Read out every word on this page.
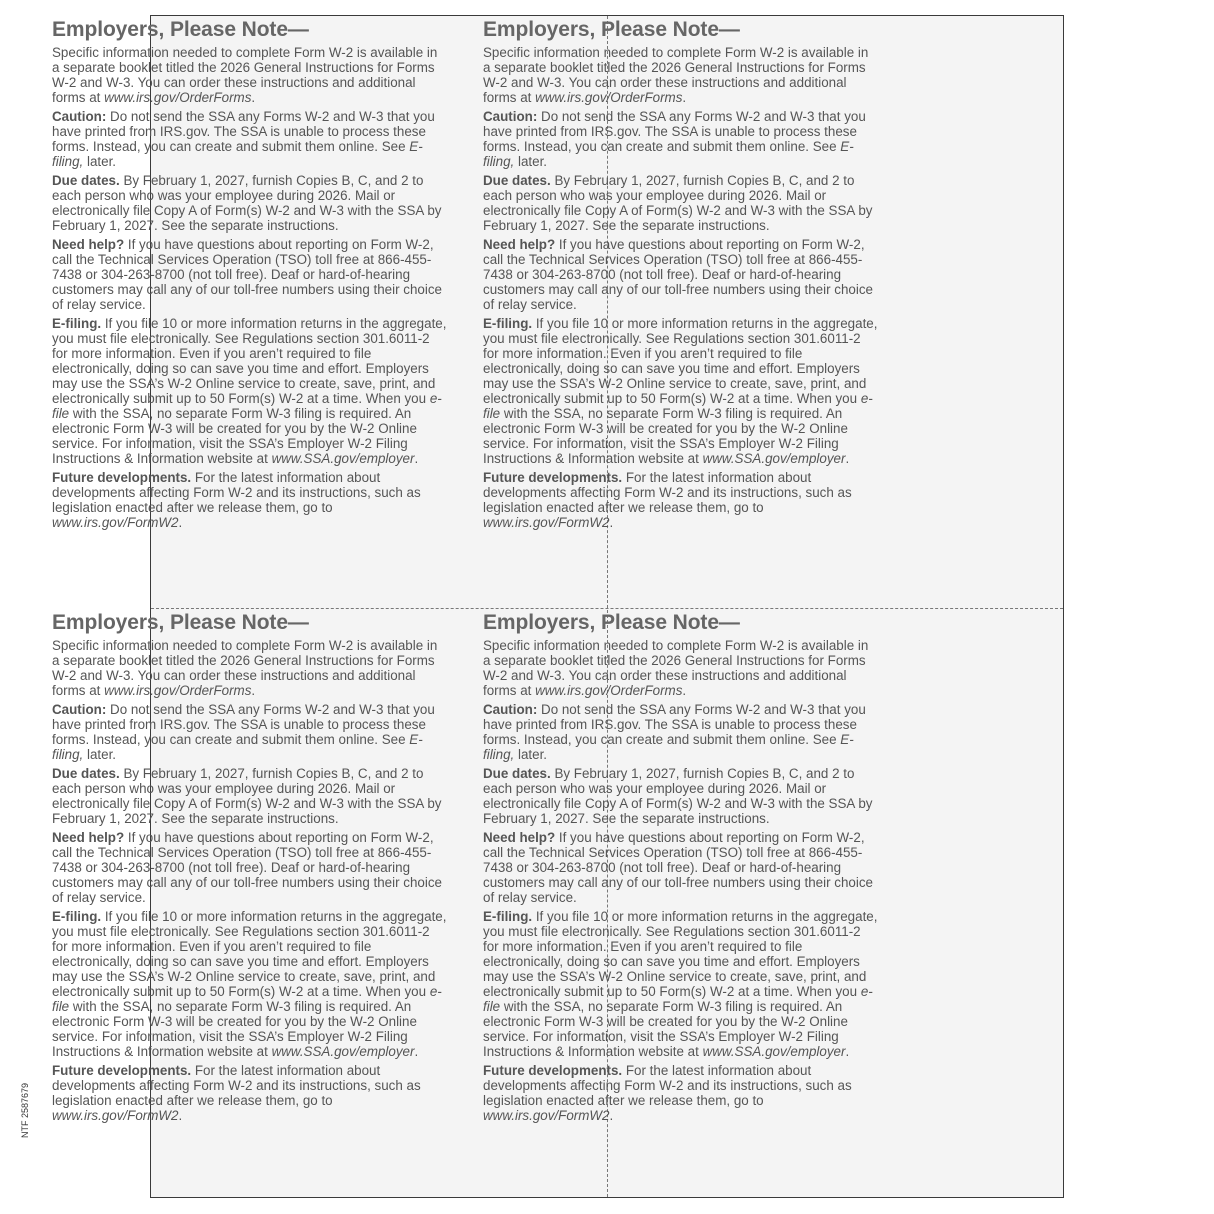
NTF 2587679
Employers, Please Note—

Specific information needed to complete Form W-2 is available in a separate booklet titled the 2026 General Instructions for Forms W-2 and W-3. You can order these instructions and additional forms at www.irs.gov/OrderForms.

Caution: Do not send the SSA any Forms W-2 and W-3 that you have printed from IRS.gov. The SSA is unable to process these forms. Instead, you can create and submit them online. See E-filing, later.

Due dates. By February 1, 2027, furnish Copies B, C, and 2 to each person who was your employee during 2026. Mail or electronically file Copy A of Form(s) W-2 and W-3 with the SSA by February 1, 2027. See the separate instructions.

Need help? If you have questions about reporting on Form W-2, call the Technical Services Operation (TSO) toll free at 866-455-7438 or 304-263-8700 (not toll free). Deaf or hard-of-hearing customers may call any of our toll-free numbers using their choice of relay service.

E-filing. If you file 10 or more information returns in the aggregate, you must file electronically. See Regulations section 301.6011-2 for more information. Even if you aren’t required to file electronically, doing so can save you time and effort. Employers may use the SSA’s W-2 Online service to create, save, print, and electronically submit up to 50 Form(s) W-2 at a time. When you e-file with the SSA, no separate Form W-3 filing is required. An electronic Form W-3 will be created for you by the W-2 Online service. For information, visit the SSA’s Employer W-2 Filing Instructions & Information website at www.SSA.gov/employer.

Future developments. For the latest information about developments affecting Form W-2 and its instructions, such as legislation enacted after we release them, go to www.irs.gov/FormW2.

Employers, Please Note—

Specific information needed to complete Form W-2 is available in a separate booklet titled the 2026 General Instructions for Forms W-2 and W-3. You can order these instructions and additional forms at www.irs.gov/OrderForms.

Caution: Do not send the SSA any Forms W-2 and W-3 that you have printed from IRS.gov. The SSA is unable to process these forms. Instead, you can create and submit them online. See E-filing, later.

Due dates. By February 1, 2027, furnish Copies B, C, and 2 to each person who was your employee during 2026. Mail or electronically file Copy A of Form(s) W-2 and W-3 with the SSA by February 1, 2027. See the separate instructions.

Need help? If you have questions about reporting on Form W-2, call the Technical Services Operation (TSO) toll free at 866-455-7438 or 304-263-8700 (not toll free). Deaf or hard-of-hearing customers may call any of our toll-free numbers using their choice of relay service.

E-filing. If you file 10 or more information returns in the aggregate, you must file electronically. See Regulations section 301.6011-2 for more information. Even if you aren’t required to file electronically, doing so can save you time and effort. Employers may use the SSA’s W-2 Online service to create, save, print, and electronically submit up to 50 Form(s) W-2 at a time. When you e-file with the SSA, no separate Form W-3 filing is required. An electronic Form W-3 will be created for you by the W-2 Online service. For information, visit the SSA’s Employer W-2 Filing Instructions & Information website at www.SSA.gov/employer.

Future developments. For the latest information about developments affecting Form W-2 and its instructions, such as legislation enacted after we release them, go to www.irs.gov/FormW2.

Employers, Please Note—

Specific information needed to complete Form W-2 is available in a separate booklet titled the 2026 General Instructions for Forms W-2 and W-3. You can order these instructions and additional forms at www.irs.gov/OrderForms.

Caution: Do not send the SSA any Forms W-2 and W-3 that you have printed from IRS.gov. The SSA is unable to process these forms. Instead, you can create and submit them online. See E-filing, later.

Due dates. By February 1, 2027, furnish Copies B, C, and 2 to each person who was your employee during 2026. Mail or electronically file Copy A of Form(s) W-2 and W-3 with the SSA by February 1, 2027. See the separate instructions.

Need help? If you have questions about reporting on Form W-2, call the Technical Services Operation (TSO) toll free at 866-455-7438 or 304-263-8700 (not toll free). Deaf or hard-of-hearing customers may call any of our toll-free numbers using their choice of relay service.

E-filing. If you file 10 or more information returns in the aggregate, you must file electronically. See Regulations section 301.6011-2 for more information. Even if you aren’t required to file electronically, doing so can save you time and effort. Employers may use the SSA’s W-2 Online service to create, save, print, and electronically submit up to 50 Form(s) W-2 at a time. When you e-file with the SSA, no separate Form W-3 filing is required. An electronic Form W-3 will be created for you by the W-2 Online service. For information, visit the SSA’s Employer W-2 Filing Instructions & Information website at www.SSA.gov/employer.

Future developments. For the latest information about developments affecting Form W-2 and its instructions, such as legislation enacted after we release them, go to www.irs.gov/FormW2.

Employers, Please Note—

Specific information needed to complete Form W-2 is available in a separate booklet titled the 2026 General Instructions for Forms W-2 and W-3. You can order these instructions and additional forms at www.irs.gov/OrderForms.

Caution: Do not send the SSA any Forms W-2 and W-3 that you have printed from IRS.gov. The SSA is unable to process these forms. Instead, you can create and submit them online. See E-filing, later.

Due dates. By February 1, 2027, furnish Copies B, C, and 2 to each person who was your employee during 2026. Mail or electronically file Copy A of Form(s) W-2 and W-3 with the SSA by February 1, 2027. See the separate instructions.

Need help? If you have questions about reporting on Form W-2, call the Technical Services Operation (TSO) toll free at 866-455-7438 or 304-263-8700 (not toll free). Deaf or hard-of-hearing customers may call any of our toll-free numbers using their choice of relay service.

E-filing. If you file 10 or more information returns in the aggregate, you must file electronically. See Regulations section 301.6011-2 for more information. Even if you aren’t required to file electronically, doing so can save you time and effort. Employers may use the SSA’s W-2 Online service to create, save, print, and electronically submit up to 50 Form(s) W-2 at a time. When you e-file with the SSA, no separate Form W-3 filing is required. An electronic Form W-3 will be created for you by the W-2 Online service. For information, visit the SSA’s Employer W-2 Filing Instructions & Information website at www.SSA.gov/employer.

Future developments. For the latest information about developments affecting Form W-2 and its instructions, such as legislation enacted after we release them, go to www.irs.gov/FormW2.
